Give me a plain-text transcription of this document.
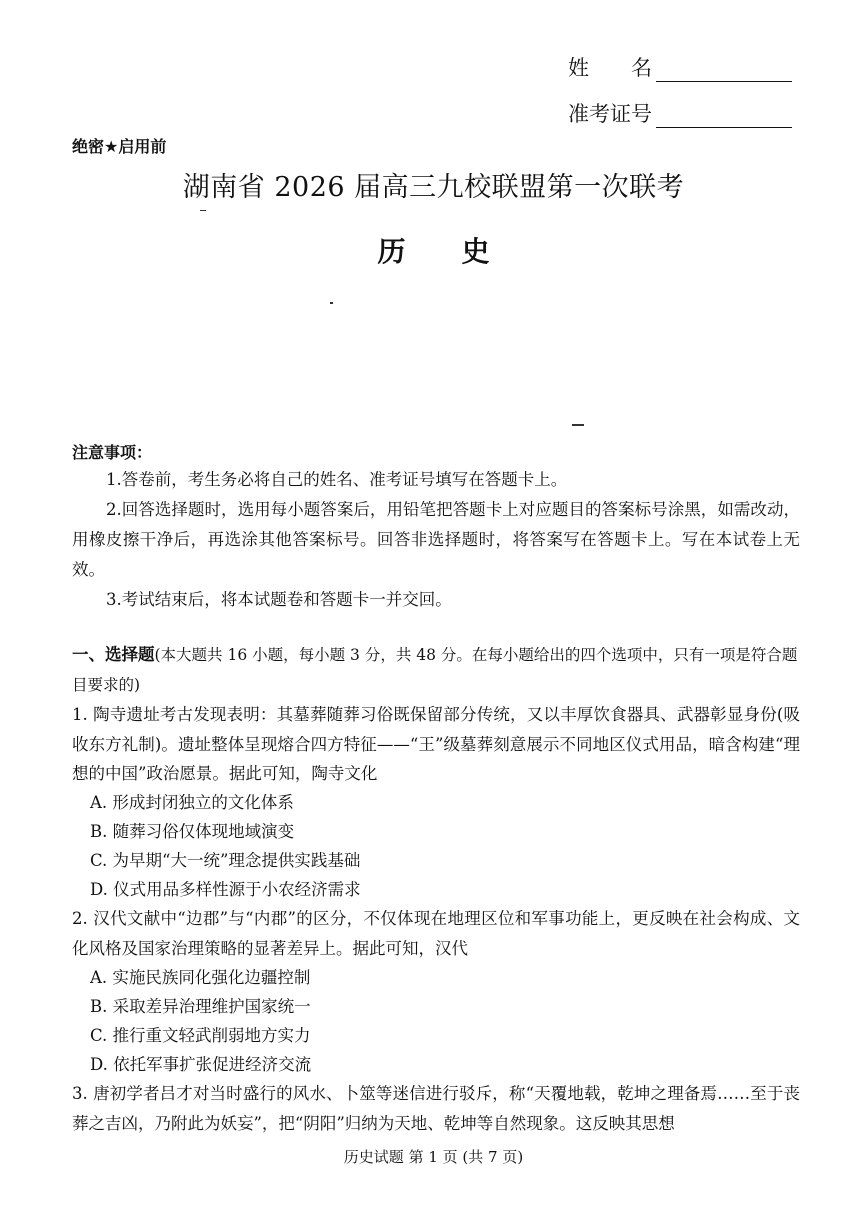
姓　　名
准考证号
绝密★启用前
湖南省 2026 届高三九校联盟第一次联考
历史
注意事项：
1.答卷前，考生务必将自己的姓名、准考证号填写在答题卡上。
2.回答选择题时，选用每小题答案后，用铅笔把答题卡上对应题目的答案标号涂黑，如需改动，用橡皮擦干净后，再选涂其他答案标号。回答非选择题时，将答案写在答题卡上。写在本试卷上无效。
3.考试结束后，将本试题卷和答题卡一并交回。
一、选择题(本大题共 16 小题，每小题 3 分，共 48 分。在每小题给出的四个选项中，只有一项是符合题目要求的)
1. 陶寺遗址考古发现表明：其墓葬随葬习俗既保留部分传统，又以丰厚饮食器具、武器彰显身份(吸收东方礼制)。遗址整体呈现熔合四方特征——“王”级墓葬刻意展示不同地区仪式用品，暗含构建“理想的中国”政治愿景。据此可知，陶寺文化
A. 形成封闭独立的文化体系
B. 随葬习俗仅体现地域演变
C. 为早期“大一统”理念提供实践基础
D. 仪式用品多样性源于小农经济需求
2. 汉代文献中“边郡”与“内郡”的区分，不仅体现在地理区位和军事功能上，更反映在社会构成、文化风格及国家治理策略的显著差异上。据此可知，汉代
A. 实施民族同化强化边疆控制
B. 采取差异治理维护国家统一
C. 推行重文轻武削弱地方实力
D. 依托军事扩张促进经济交流
3. 唐初学者吕才对当时盛行的风水、卜筮等迷信进行驳斥，称“天覆地载，乾坤之理备焉……至于丧葬之吉凶，乃附此为妖妄”，把“阴阳”归纳为天地、乾坤等自然现象。这反映其思想
历史试题 第 1 页 (共 7 页)
